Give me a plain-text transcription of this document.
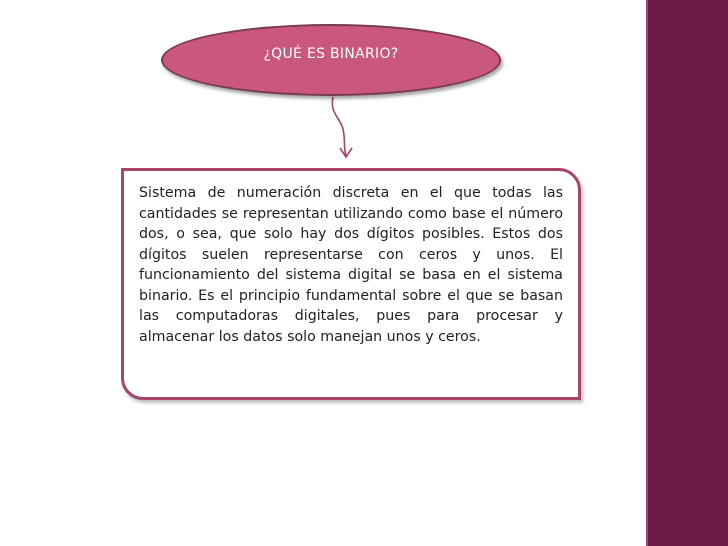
¿QUÉ ES BINARIO?

Sistema de numeración discreta en el que todas las cantidades se representan utilizando como base el número dos, o sea, que solo hay dos dígitos posibles. Estos dos dígitos suelen representarse con ceros y unos. El funcionamiento del sistema digital se basa en el sistema binario. Es el principio fundamental sobre el que se basan las computadoras digitales, pues para procesar y almacenar los datos solo manejan unos y ceros.
